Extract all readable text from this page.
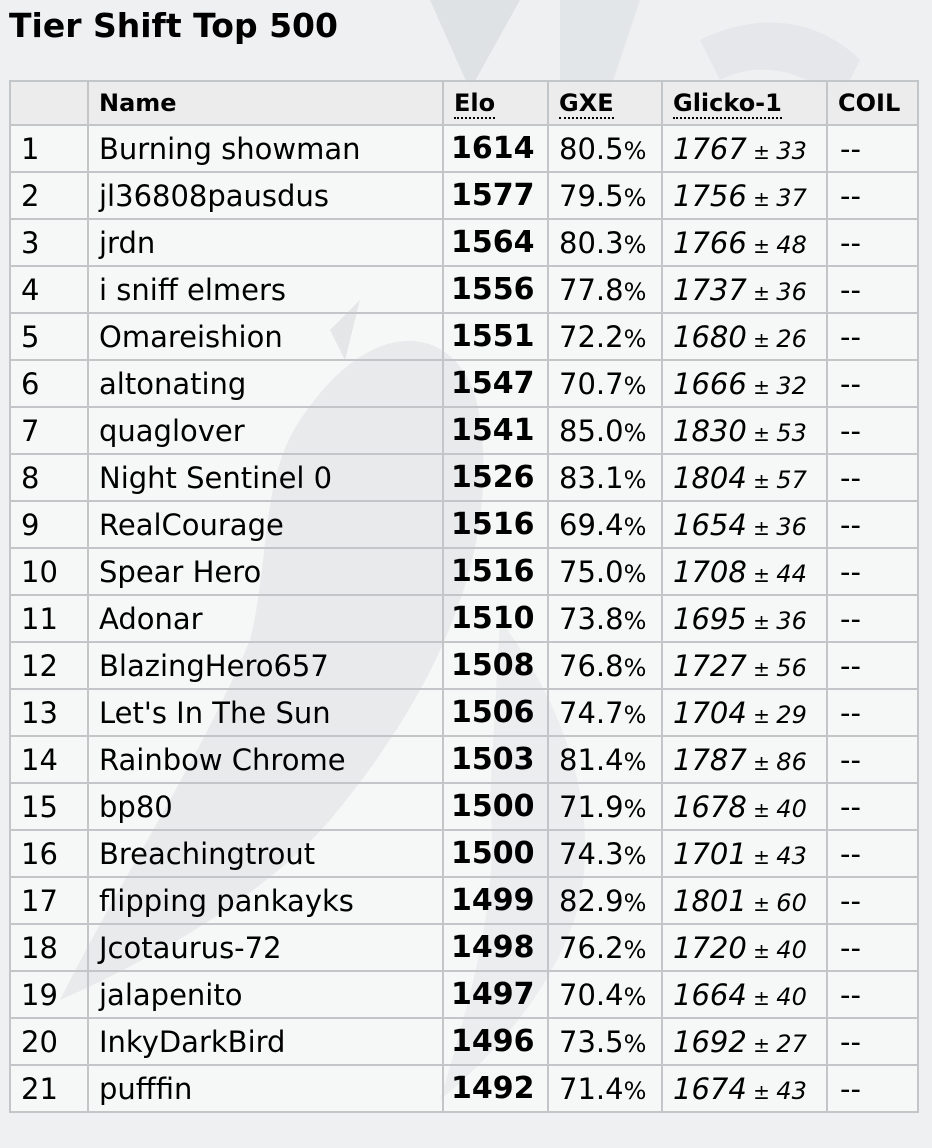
Tier Shift Top 500
	Name	Elo	GXE	Glicko-1	COIL
1	Burning showman	1614	80.5%	1767 ± 33	--
2	jl36808pausdus	1577	79.5%	1756 ± 37	--
3	jrdn	1564	80.3%	1766 ± 48	--
4	i sniff elmers	1556	77.8%	1737 ± 36	--
5	Omareishion	1551	72.2%	1680 ± 26	--
6	altonating	1547	70.7%	1666 ± 32	--
7	quaglover	1541	85.0%	1830 ± 53	--
8	Night Sentinel 0	1526	83.1%	1804 ± 57	--
9	RealCourage	1516	69.4%	1654 ± 36	--
10	Spear Hero	1516	75.0%	1708 ± 44	--
11	Adonar	1510	73.8%	1695 ± 36	--
12	BlazingHero657	1508	76.8%	1727 ± 56	--
13	Let's In The Sun	1506	74.7%	1704 ± 29	--
14	Rainbow Chrome	1503	81.4%	1787 ± 86	--
15	bp80	1500	71.9%	1678 ± 40	--
16	Breachingtrout	1500	74.3%	1701 ± 43	--
17	flipping pankayks	1499	82.9%	1801 ± 60	--
18	Jcotaurus-72	1498	76.2%	1720 ± 40	--
19	jalapenito	1497	70.4%	1664 ± 40	--
20	InkyDarkBird	1496	73.5%	1692 ± 27	--
21	pufffin	1492	71.4%	1674 ± 43	--
